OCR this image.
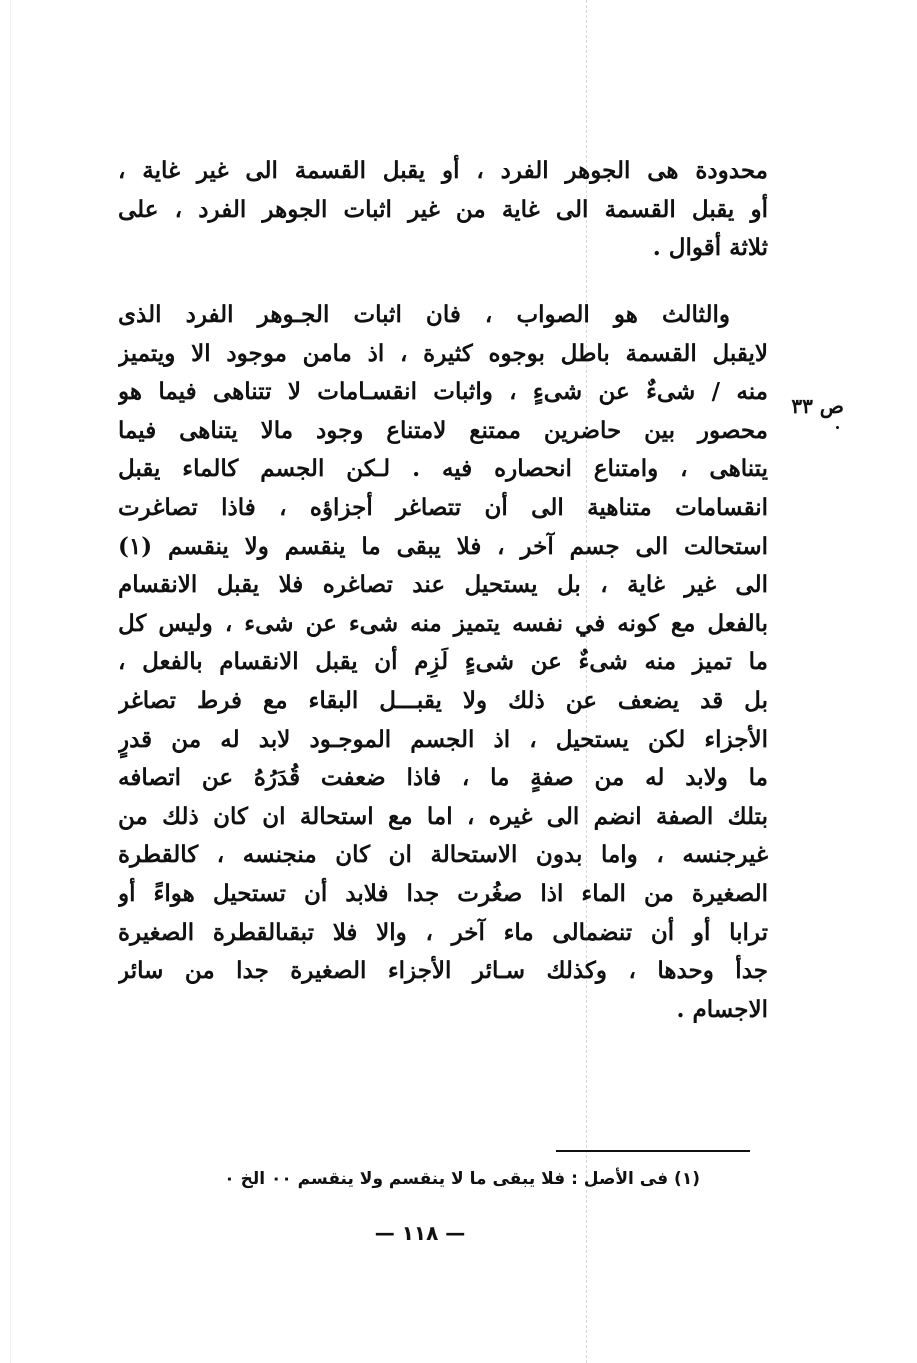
محدودة هى الجوهر الفرد ، أو يقبل القسمة الى غير غاية ،
أو يقبل القسمة الى غاية من غير اثبات الجوهر الفرد ، على
ثلاثة أقوال .
والثالث هو الصواب ، فان اثبات الجـوهر الفرد الذى
لايقبل القسمة باطل بوجوه كثيرة ، اذ مامن موجود الا ويتميز
منه / شىءٌ عن شىءٍ ، واثبات انقسـامات لا تتناهى فيما هو
محصور بين حاضرين ممتنع لامتناع وجود مالا يتناهى فيما
يتناهى ، وامتناع انحصاره فيه . لـكن الجسم كالماء يقبل
انقسامات متناهية الى أن تتصاغر أجزاؤه ، فاذا تصاغرت
استحالت الى جسم آخر ، فلا يبقى ما ينقسم ولا ينقسم (١)
الى غير غاية ، بل يستحيل عند تصاغره فلا يقبل الانقسام
بالفعل مع كونه في نفسه يتميز منه شىء عن شىء ، وليس كل
ما تميز منه شىءٌ عن شىءٍ لَزِم أن يقبل الانقسام بالفعل ،
بل قد يضعف عن ذلك ولا يقبـــل البقاء مع فرط تصاغر
الأجزاء لكن يستحيل ، اذ الجسم الموجـود لابد له من قدرٍ
ما ولابد له من صفةٍ ما ، فاذا ضعفت قُدَرُهُ عن اتصافه
بتلك الصفة انضم الى غيره ، اما مع استحالة ان كان ذلك من
غيرجنسه ، واما بدون الاستحالة ان كان منجنسه ، كالقطرة
الصغيرة من الماء اذا صغُرت جدا فلابد أن تستحيل هواءً أو
ترابا أو أن تنضمالى ماء آخر ، والا فلا تبقىالقطرة الصغيرة
جدأ وحدها ، وكذلك سـائر الأجزاء الصغيرة جدا من سائر
الاجسام .
ص ٣٣
(١) فى الأصل : فلا يبقى ما لا ينقسم ولا ينقسم ٠٠ الخ ٠
— ١١٨ —
